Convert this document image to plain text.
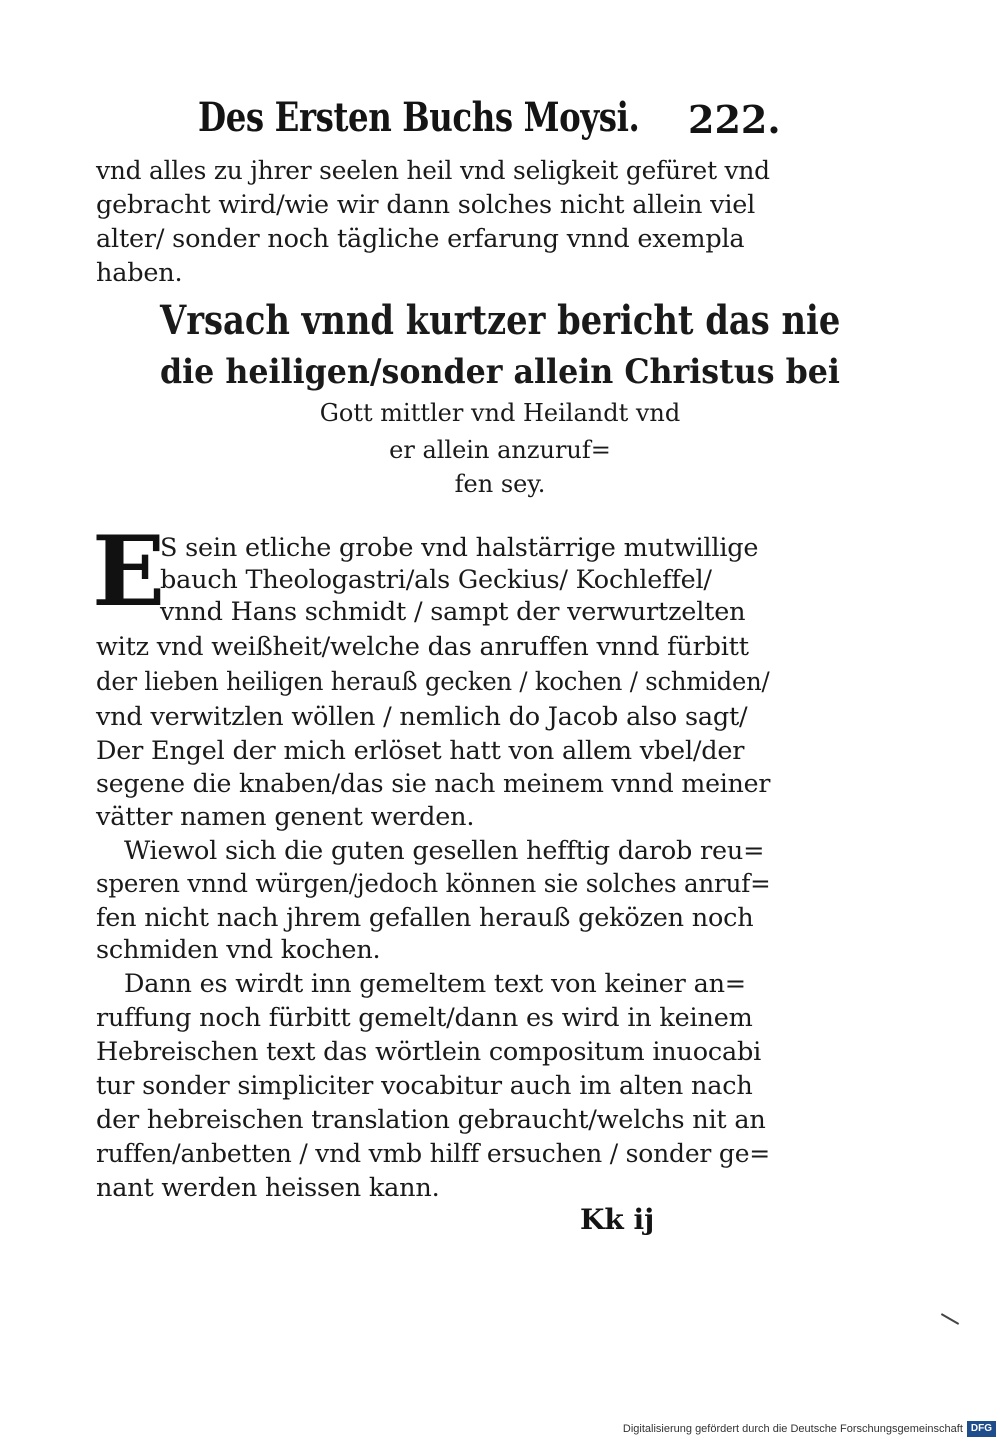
Des Ersten Buchs Moysi.	222.
vnd alles zu jhrer seelen heil vnd seligkeit gefüret vnd
gebracht wird/wie wir dann solches nicht allein viel
alter/ sonder noch tägliche erfarung vnnd exempla
haben.
Vrsach vnnd kurtzer bericht das nie
die heiligen/sonder allein Christus bei
Gott mittler vnd Heilandt vnd
er allein anzuruf=
fen sey.
E
S sein etliche grobe vnd halstärrige mutwillige
bauch Theologastri/als Geckius/ Kochleffel/
vnnd Hans schmidt / sampt der verwurtzelten
witz vnd weißheit/welche das anruffen vnnd fürbitt
der lieben heiligen herauß gecken / kochen / schmiden/
vnd verwitzlen wöllen / nemlich do Jacob also sagt/
Der Engel der mich erlöset hatt von allem vbel/der
segene die knaben/das sie nach meinem vnnd meiner
vätter namen genent werden.
Wiewol sich die guten gesellen hefftig darob reu=
speren vnnd würgen/jedoch können sie solches anruf=
fen nicht nach jhrem gefallen herauß geközen noch
schmiden vnd kochen.
Dann es wirdt inn gemeltem text von keiner an=
ruffung noch fürbitt gemelt/dann es wird in keinem
Hebreischen text das wörtlein compositum inuocabi
tur sonder simpliciter vocabitur auch im alten nach
der hebreischen translation gebraucht/welchs nit an
ruffen/anbetten / vnd vmb hilff ersuchen / sonder ge=
nant werden heissen kann.
Kk ij
Digitalisierung gefördert durch die Deutsche Forschungsgemeinschaft DFG
